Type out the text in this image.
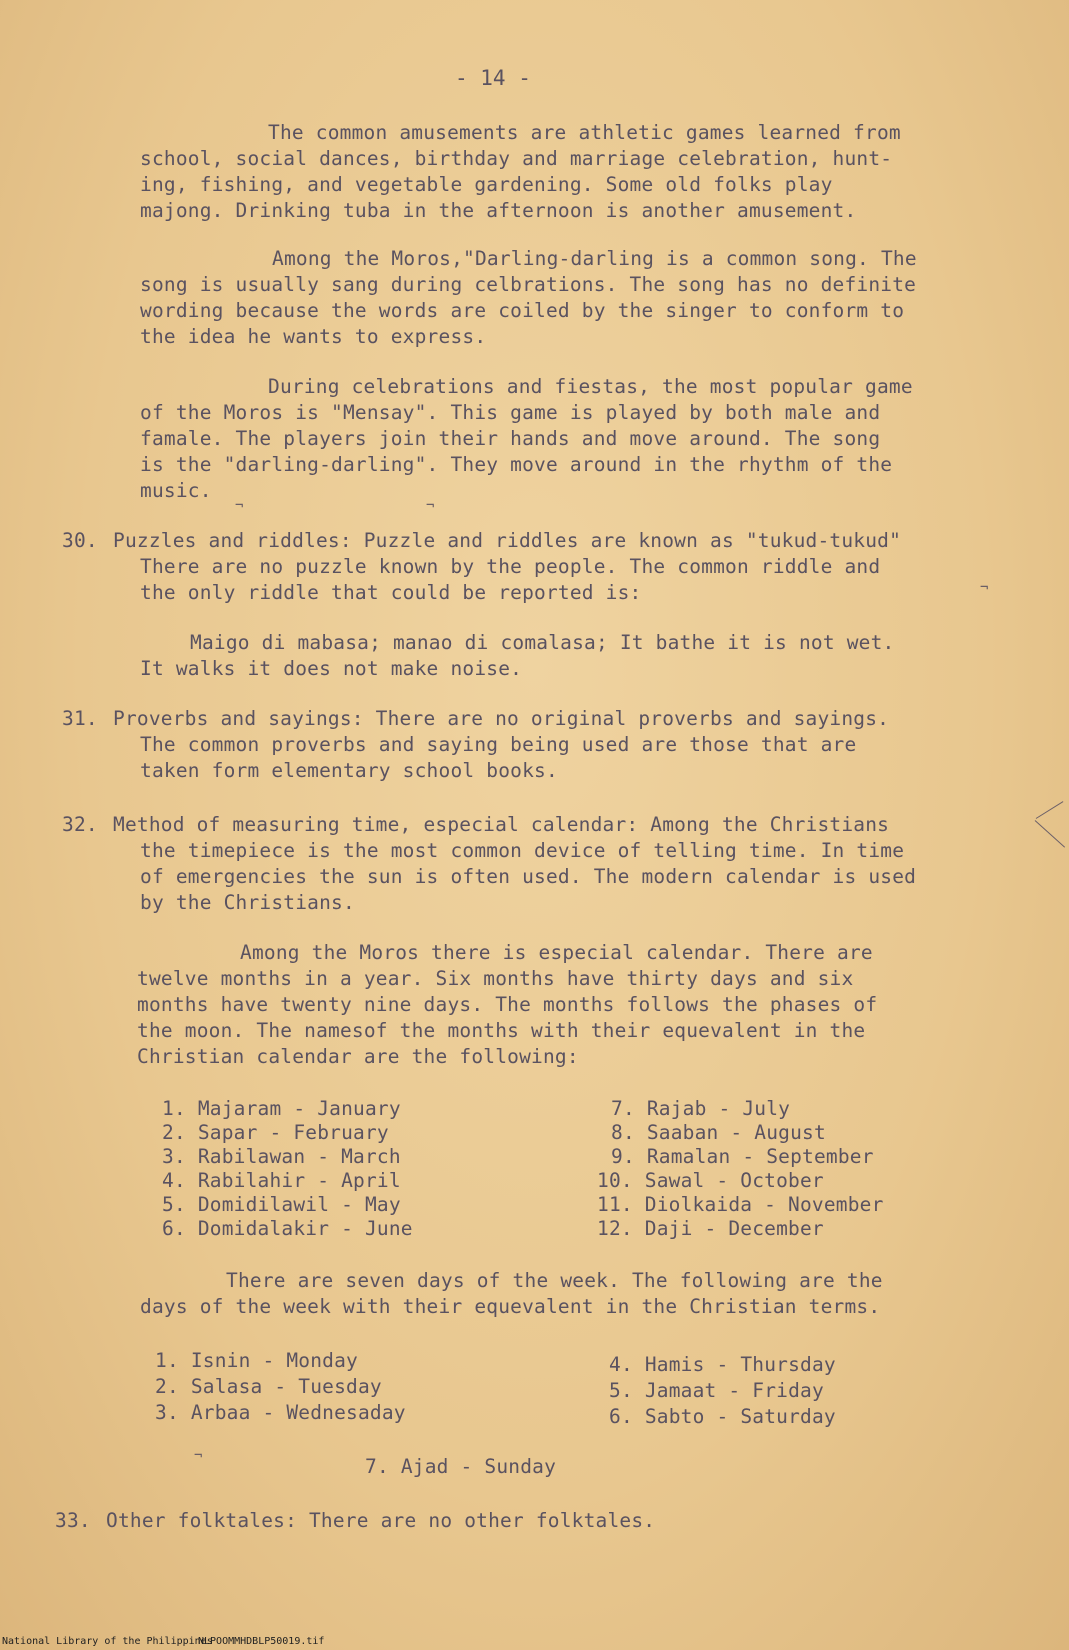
- 14 -
The common amusements are athletic games learned from
school, social dances, birthday and marriage celebration, hunt-
ing, fishing, and vegetable gardening. Some old folks play
majong. Drinking tuba in the afternoon is another amusement.
Among the Moros,"Darling-darling is a common song. The
song is usually sang during celbrations. The song has no definite
wording because the words are coiled by the singer to conform to
the idea he wants to express.
During celebrations and fiestas, the most popular game
of the Moros is "Mensay". This game is played by both male and
famale. The players join their hands and move around. The song
is the "darling-darling". They move around in the rhythm of the
music.
30. Puzzles and riddles: Puzzle and riddles are known as "tukud-tukud"
There are no puzzle known by the people. The common riddle and
the only riddle that could be reported is:
Maigo di mabasa; manao di comalasa; It bathe it is not wet.
It walks it does not make noise.
31. Proverbs and sayings: There are no original proverbs and sayings.
The common proverbs and saying being used are those that are
taken form elementary school books.
32. Method of measuring time, especial calendar: Among the Christians
the timepiece is the most common device of telling time. In time
of emergencies the sun is often used. The modern calendar is used
by the Christians.
Among the Moros there is especial calendar. There are
twelve months in a year. Six months have thirty days and six
months have twenty nine days. The months follows the phases of
the moon. The namesof the months with their equevalent in the
Christian calendar are the following:
1. Majaram - January
2. Sapar - February
3. Rabilawan - March
4. Rabilahir - April
5. Domidilawil - May
6. Domidalakir - June
7. Rajab - July
8. Saaban - August
9. Ramalan - September
10. Sawal - October
11. Diolkaida - November
12. Daji - December
There are seven days of the week. The following are the
days of the week with their equevalent in the Christian terms.
1. Isnin - Monday
2. Salasa - Tuesday
3. Arbaa - Wednesaday
4. Hamis - Thursday
5. Jamaat - Friday
6. Sabto - Saturday
7. Ajad - Sunday
33. Other folktales: There are no other folktales.
¬	¬
¬
¬
National Library of the Philippines
NLPOOMMHDBLP50019.tif
